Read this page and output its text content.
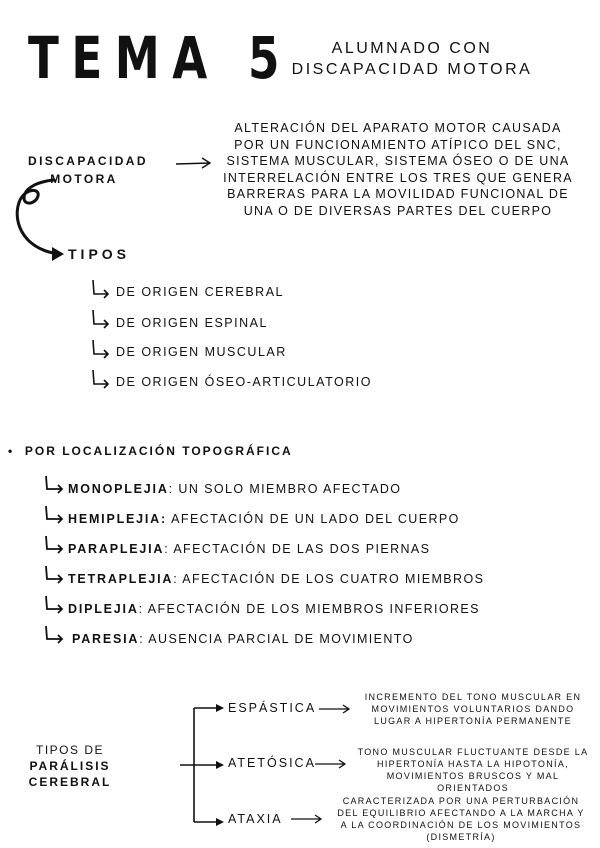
TEMA 5	ALUMNADO CON
DISCAPACIDAD MOTORA
DISCAPACIDAD
MOTORA
ALTERACIÓN DEL APARATO MOTOR CAUSADA POR UN FUNCIONAMIENTO ATÍPICO DEL SNC, SISTEMA MUSCULAR, SISTEMA ÓSEO O DE UNA INTERRELACIÓN ENTRE LOS TRES QUE GENERA BARRERAS PARA LA MOVILIDAD FUNCIONAL DE UNA O DE DIVERSAS PARTES DEL CUERPO
TIPOS
DE ORIGEN CEREBRAL
DE ORIGEN ESPINAL
DE ORIGEN MUSCULAR
DE ORIGEN ÓSEO-ARTICULATORIO
•  POR LOCALIZACIÓN TOPOGRÁFICA
MONOPLEJIA: UN SOLO MIEMBRO AFECTADO
HEMIPLEJIA: AFECTACIÓN DE UN LADO DEL CUERPO
PARAPLEJIA: AFECTACIÓN DE LAS DOS PIERNAS
TETRAPLEJIA: AFECTACIÓN DE LOS CUATRO MIEMBROS
DIPLEJIA: AFECTACIÓN DE LOS MIEMBROS INFERIORES
PARESIA: AUSENCIA PARCIAL DE MOVIMIENTO
TIPOS DE
PARÁLISIS CEREBRAL
ESPÁSTICA
INCREMENTO DEL TONO MUSCULAR EN MOVIMIENTOS VOLUNTARIOS DANDO LUGAR A HIPERTONÍA PERMANENTE
ATETÓSICA
TONO MUSCULAR FLUCTUANTE DESDE LA HIPERTONÍA HASTA LA HIPOTONÍA, MOVIMIENTOS BRUSCOS Y MAL ORIENTADOS
ATAXIA
CARACTERIZADA POR UNA PERTURBACIÓN DEL EQUILIBRIO AFECTANDO A LA MARCHA Y A LA COORDINACIÓN DE LOS MOVIMIENTOS (DISMETRÍA)
